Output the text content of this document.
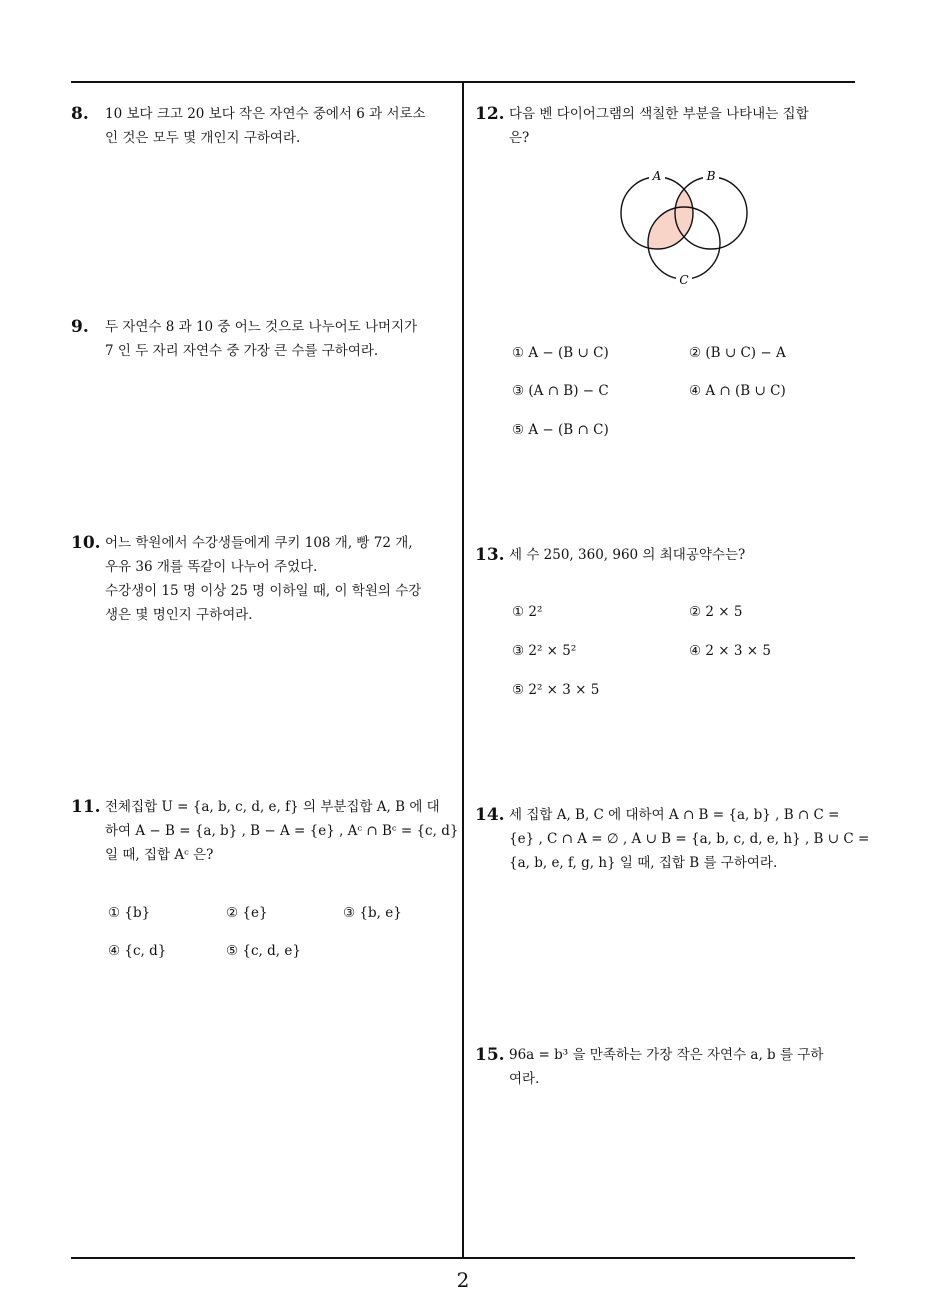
8. 10 보다 크고 20 보다 작은 자연수 중에서 6 과 서로소
인 것은 모두 몇 개인지 구하여라.
9. 두 자연수 8 과 10 중 어느 것으로 나누어도 나머지가
7 인 두 자리 자연수 중 가장 큰 수를 구하여라.
10. 어느 학원에서 수강생들에게 쿠키 108 개, 빵 72 개,
우유 36 개를 똑같이 나누어 주었다.
수강생이 15 명 이상 25 명 이하일 때, 이 학원의 수강
생은 몇 명인지 구하여라.
11. 전체집합 U = {a, b, c, d, e, f} 의 부분집합 A, B 에 대
하여 A − B = {a, b} , B − A = {e} , Aᶜ ∩ Bᶜ = {c, d}
일 때, 집합 Aᶜ 은?
① {b}	② {e}	③ {b, e}
④ {c, d}	⑤ {c, d, e}
12. 다음 벤 다이어그램의 색칠한 부분을 나타내는 집합
은?
A	B
C
① A − (B ∪ C)	② (B ∪ C) − A
③ (A ∩ B) − C	④ A ∩ (B ∪ C)
⑤ A − (B ∩ C)
13. 세 수 250, 360, 960 의 최대공약수는?
① 2²	② 2 × 5
③ 2² × 5²	④ 2 × 3 × 5
⑤ 2² × 3 × 5
14. 세 집합 A, B, C 에 대하여 A ∩ B = {a, b} , B ∩ C =
{e} , C ∩ A = ∅ , A ∪ B = {a, b, c, d, e, h} , B ∪ C =
{a, b, e, f, g, h} 일 때, 집합 B 를 구하여라.
15. 96a = b³ 을 만족하는 가장 작은 자연수 a, b 를 구하
여라.
2
